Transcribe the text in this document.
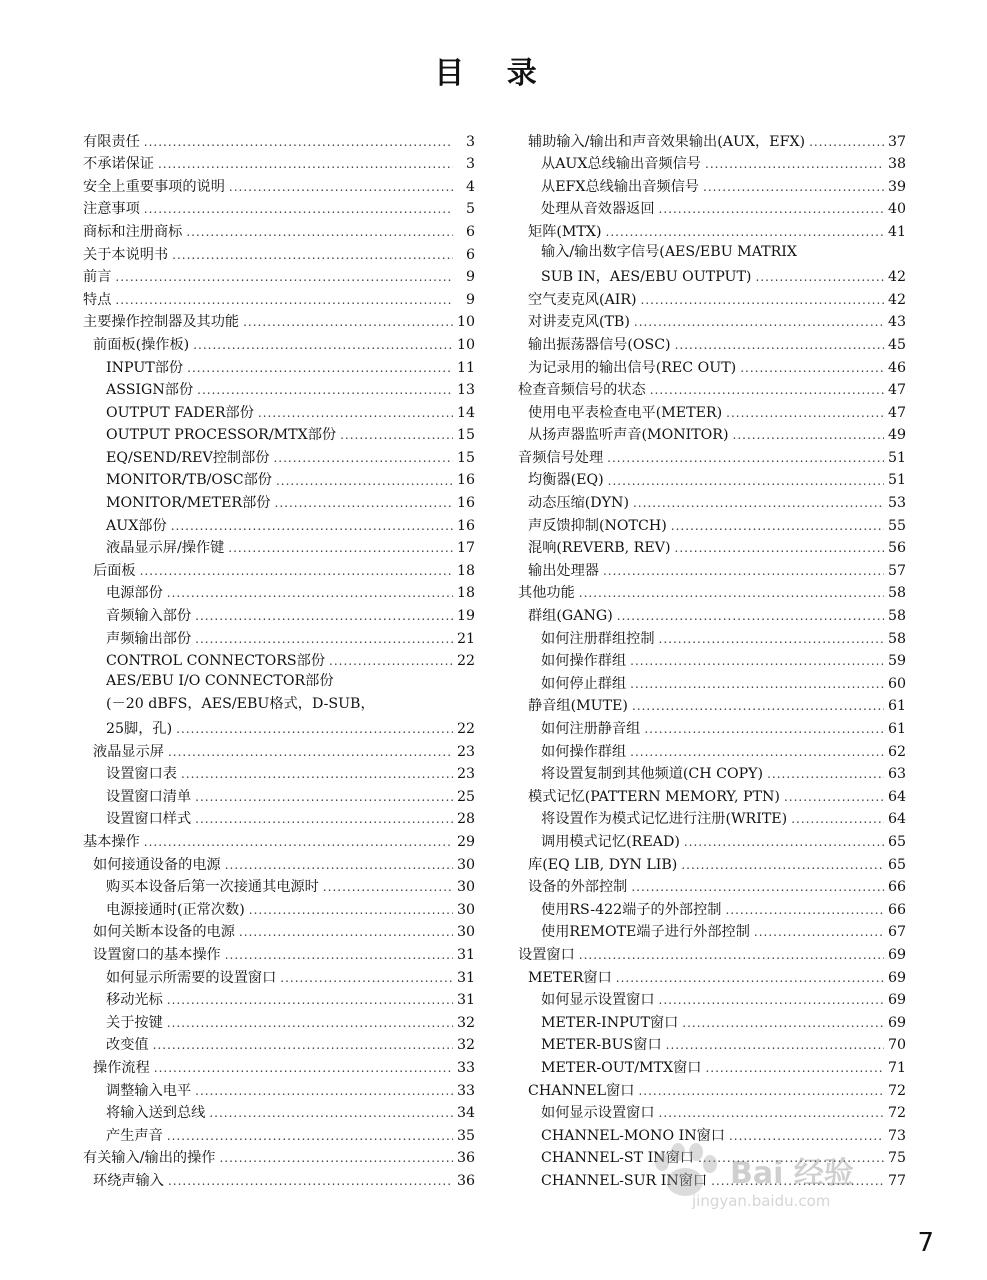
目 录
有限责任 .....	3
不承诺保证 .....	3
安全上重要事项的说明 .....	4
注意事项 .....	5
商标和注册商标 .....	6
关于本说明书 .....	6
前言 .....	9
特点 .....	9
主要操作控制器及其功能 .....	10
前面板(操作板) .....	10
INPUT部份 .....	11
ASSIGN部份 .....	13
OUTPUT FADER部份 .....	14
OUTPUT PROCESSOR/MTX部份 .....	15
EQ/SEND/REV控制部份 .....	15
MONITOR/TB/OSC部份 .....	16
MONITOR/METER部份 .....	16
AUX部份 .....	16
液晶显示屏/操作键 .....	17
后面板 .....	18
电源部份 .....	18
音频输入部份 .....	19
声频输出部份 .....	21
CONTROL CONNECTORS部份 .....	22
AES/EBU I/O CONNECTOR部份
(－20 dBFS，AES/EBU格式，D-SUB，
25脚，孔) .....	22
液晶显示屏 .....	23
设置窗口表 .....	23
设置窗口清单 .....	25
设置窗口样式 .....	28
基本操作 .....	29
如何接通设备的电源 .....	30
购买本设备后第一次接通其电源时 .....	30
电源接通时(正常次数) .....	30
如何关断本设备的电源 .....	30
设置窗口的基本操作 .....	31
如何显示所需要的设置窗口 .....	31
移动光标 .....	31
关于按键 .....	32
改变值 .....	32
操作流程 .....	33
调整输入电平 .....	33
将输入送到总线 .....	34
产生声音 .....	35
有关输入/输出的操作 .....	36
环绕声输入 .....	36
辅助输入/输出和声音效果输出(AUX，EFX) .....	37
从AUX总线输出音频信号 .....	38
从EFX总线输出音频信号 .....	39
处理从音效器返回 .....	40
矩阵(MTX) .....	41
输入/输出数字信号(AES/EBU MATRIX
SUB IN，AES/EBU OUTPUT) .....	42
空气麦克风(AIR) .....	42
对讲麦克风(TB) .....	43
输出振荡器信号(OSC) .....	45
为记录用的输出信号(REC OUT) .....	46
检查音频信号的状态 .....	47
使用电平表检查电平(METER) .....	47
从扬声器监听声音(MONITOR) .....	49
音频信号处理 .....	51
均衡器(EQ) .....	51
动态压缩(DYN) .....	53
声反馈抑制(NOTCH) .....	55
混响(REVERB, REV) .....	56
输出处理器 .....	57
其他功能 .....	58
群组(GANG) .....	58
如何注册群组控制 .....	58
如何操作群组 .....	59
如何停止群组 .....	60
静音组(MUTE) .....	61
如何注册静音组 .....	61
如何操作群组 .....	62
将设置复制到其他频道(CH COPY) .....	63
模式记忆(PATTERN MEMORY, PTN) .....	64
将设置作为模式记忆进行注册(WRITE) .....	64
调用模式记忆(READ) .....	65
库(EQ LIB, DYN LIB) .....	65
设备的外部控制 .....	66
使用RS-422端子的外部控制 .....	66
使用REMOTE端子进行外部控制 .....	67
设置窗口 .....	69
METER窗口 .....	69
如何显示设置窗口 .....	69
METER-INPUT窗口 .....	69
METER-BUS窗口 .....	70
METER-OUT/MTX窗口 .....	71
CHANNEL窗口 .....	72
如何显示设置窗口 .....	72
CHANNEL-MONO IN窗口 .....	73
CHANNEL-ST IN窗口 .....	75
CHANNEL-SUR IN窗口 .....	77
Bai 经验
jingyan.baidu.com
7
